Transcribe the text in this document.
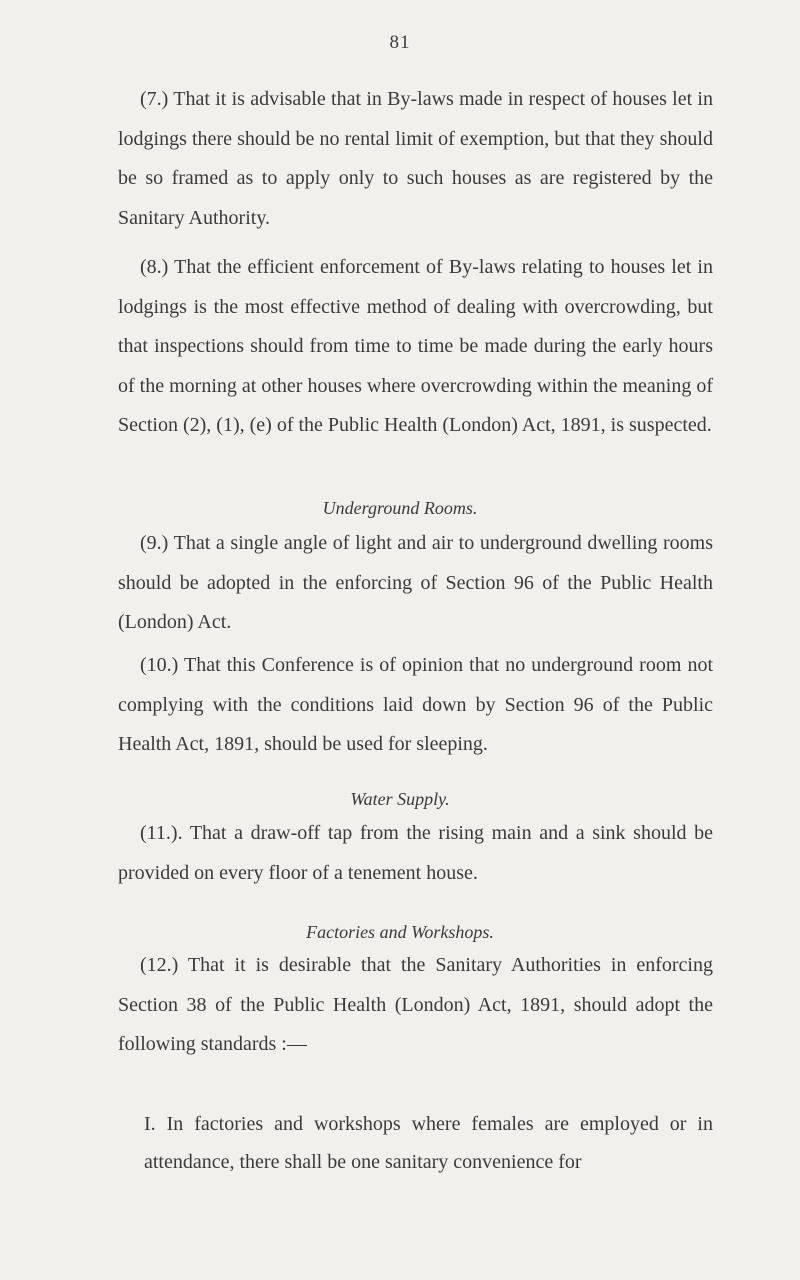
81

(7.) That it is advisable that in By-laws made in respect of houses let in lodgings there should be no rental limit of exemption, but that they should be so framed as to apply only to such houses as are registered by the Sanitary Authority.

(8.) That the efficient enforcement of By-laws relating to houses let in lodgings is the most effective method of dealing with overcrowding, but that inspections should from time to time be made during the early hours of the morning at other houses where overcrowding within the meaning of Section (2), (1), (e) of the Public Health (London) Act, 1891, is suspected.

Underground Rooms.

(9.) That a single angle of light and air to underground dwelling rooms should be adopted in the enforcing of Section 96 of the Public Health (London) Act.

(10.) That this Conference is of opinion that no underground room not complying with the conditions laid down by Section 96 of the Public Health Act, 1891, should be used for sleeping.

Water Supply.

(11.). That a draw-off tap from the rising main and a sink should be provided on every floor of a tenement house.

Factories and Workshops.

(12.) That it is desirable that the Sanitary Authorities in enforcing Section 38 of the Public Health (London) Act, 1891, should adopt the following standards :—

I. In factories and workshops where females are employed or in attendance, there shall be one sanitary convenience for
